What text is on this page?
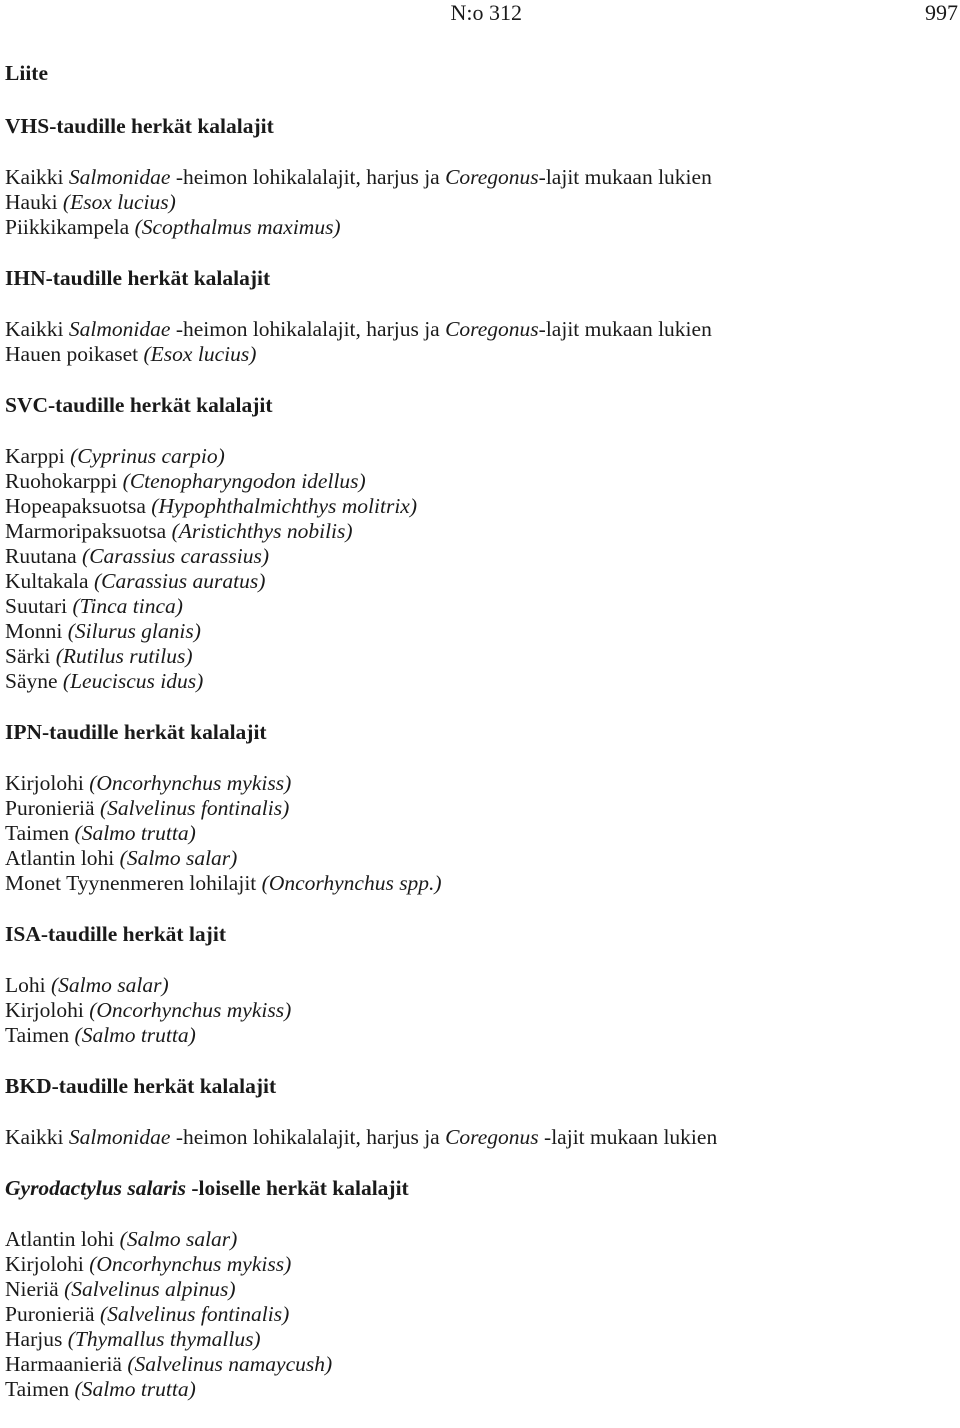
N:o 312	997
Liite
VHS-taudille herkät kalalajit
Kaikki Salmonidae -heimon lohikalalajit, harjus ja Coregonus-lajit mukaan lukien
Hauki (Esox lucius)
Piikkikampela (Scopthalmus maximus)
IHN-taudille herkät kalalajit
Kaikki Salmonidae -heimon lohikalalajit, harjus ja Coregonus-lajit mukaan lukien
Hauen poikaset (Esox lucius)
SVC-taudille herkät kalalajit
Karppi (Cyprinus carpio)
Ruohokarppi (Ctenopharyngodon idellus)
Hopeapaksuotsa (Hypophthalmichthys molitrix)
Marmoripaksuotsa (Aristichthys nobilis)
Ruutana (Carassius carassius)
Kultakala (Carassius auratus)
Suutari (Tinca tinca)
Monni (Silurus glanis)
Särki (Rutilus rutilus)
Säyne (Leuciscus idus)
IPN-taudille herkät kalalajit
Kirjolohi (Oncorhynchus mykiss)
Puronieriä (Salvelinus fontinalis)
Taimen (Salmo trutta)
Atlantin lohi (Salmo salar)
Monet Tyynenmeren lohilajit (Oncorhynchus spp.)
ISA-taudille herkät lajit
Lohi (Salmo salar)
Kirjolohi (Oncorhynchus mykiss)
Taimen (Salmo trutta)
BKD-taudille herkät kalalajit
Kaikki Salmonidae -heimon lohikalalajit, harjus ja Coregonus -lajit mukaan lukien
Gyrodactylus salaris -loiselle herkät kalalajit
Atlantin lohi (Salmo salar)
Kirjolohi (Oncorhynchus mykiss)
Nieriä (Salvelinus alpinus)
Puronieriä (Salvelinus fontinalis)
Harjus (Thymallus thymallus)
Harmaanieriä (Salvelinus namaycush)
Taimen (Salmo trutta)
